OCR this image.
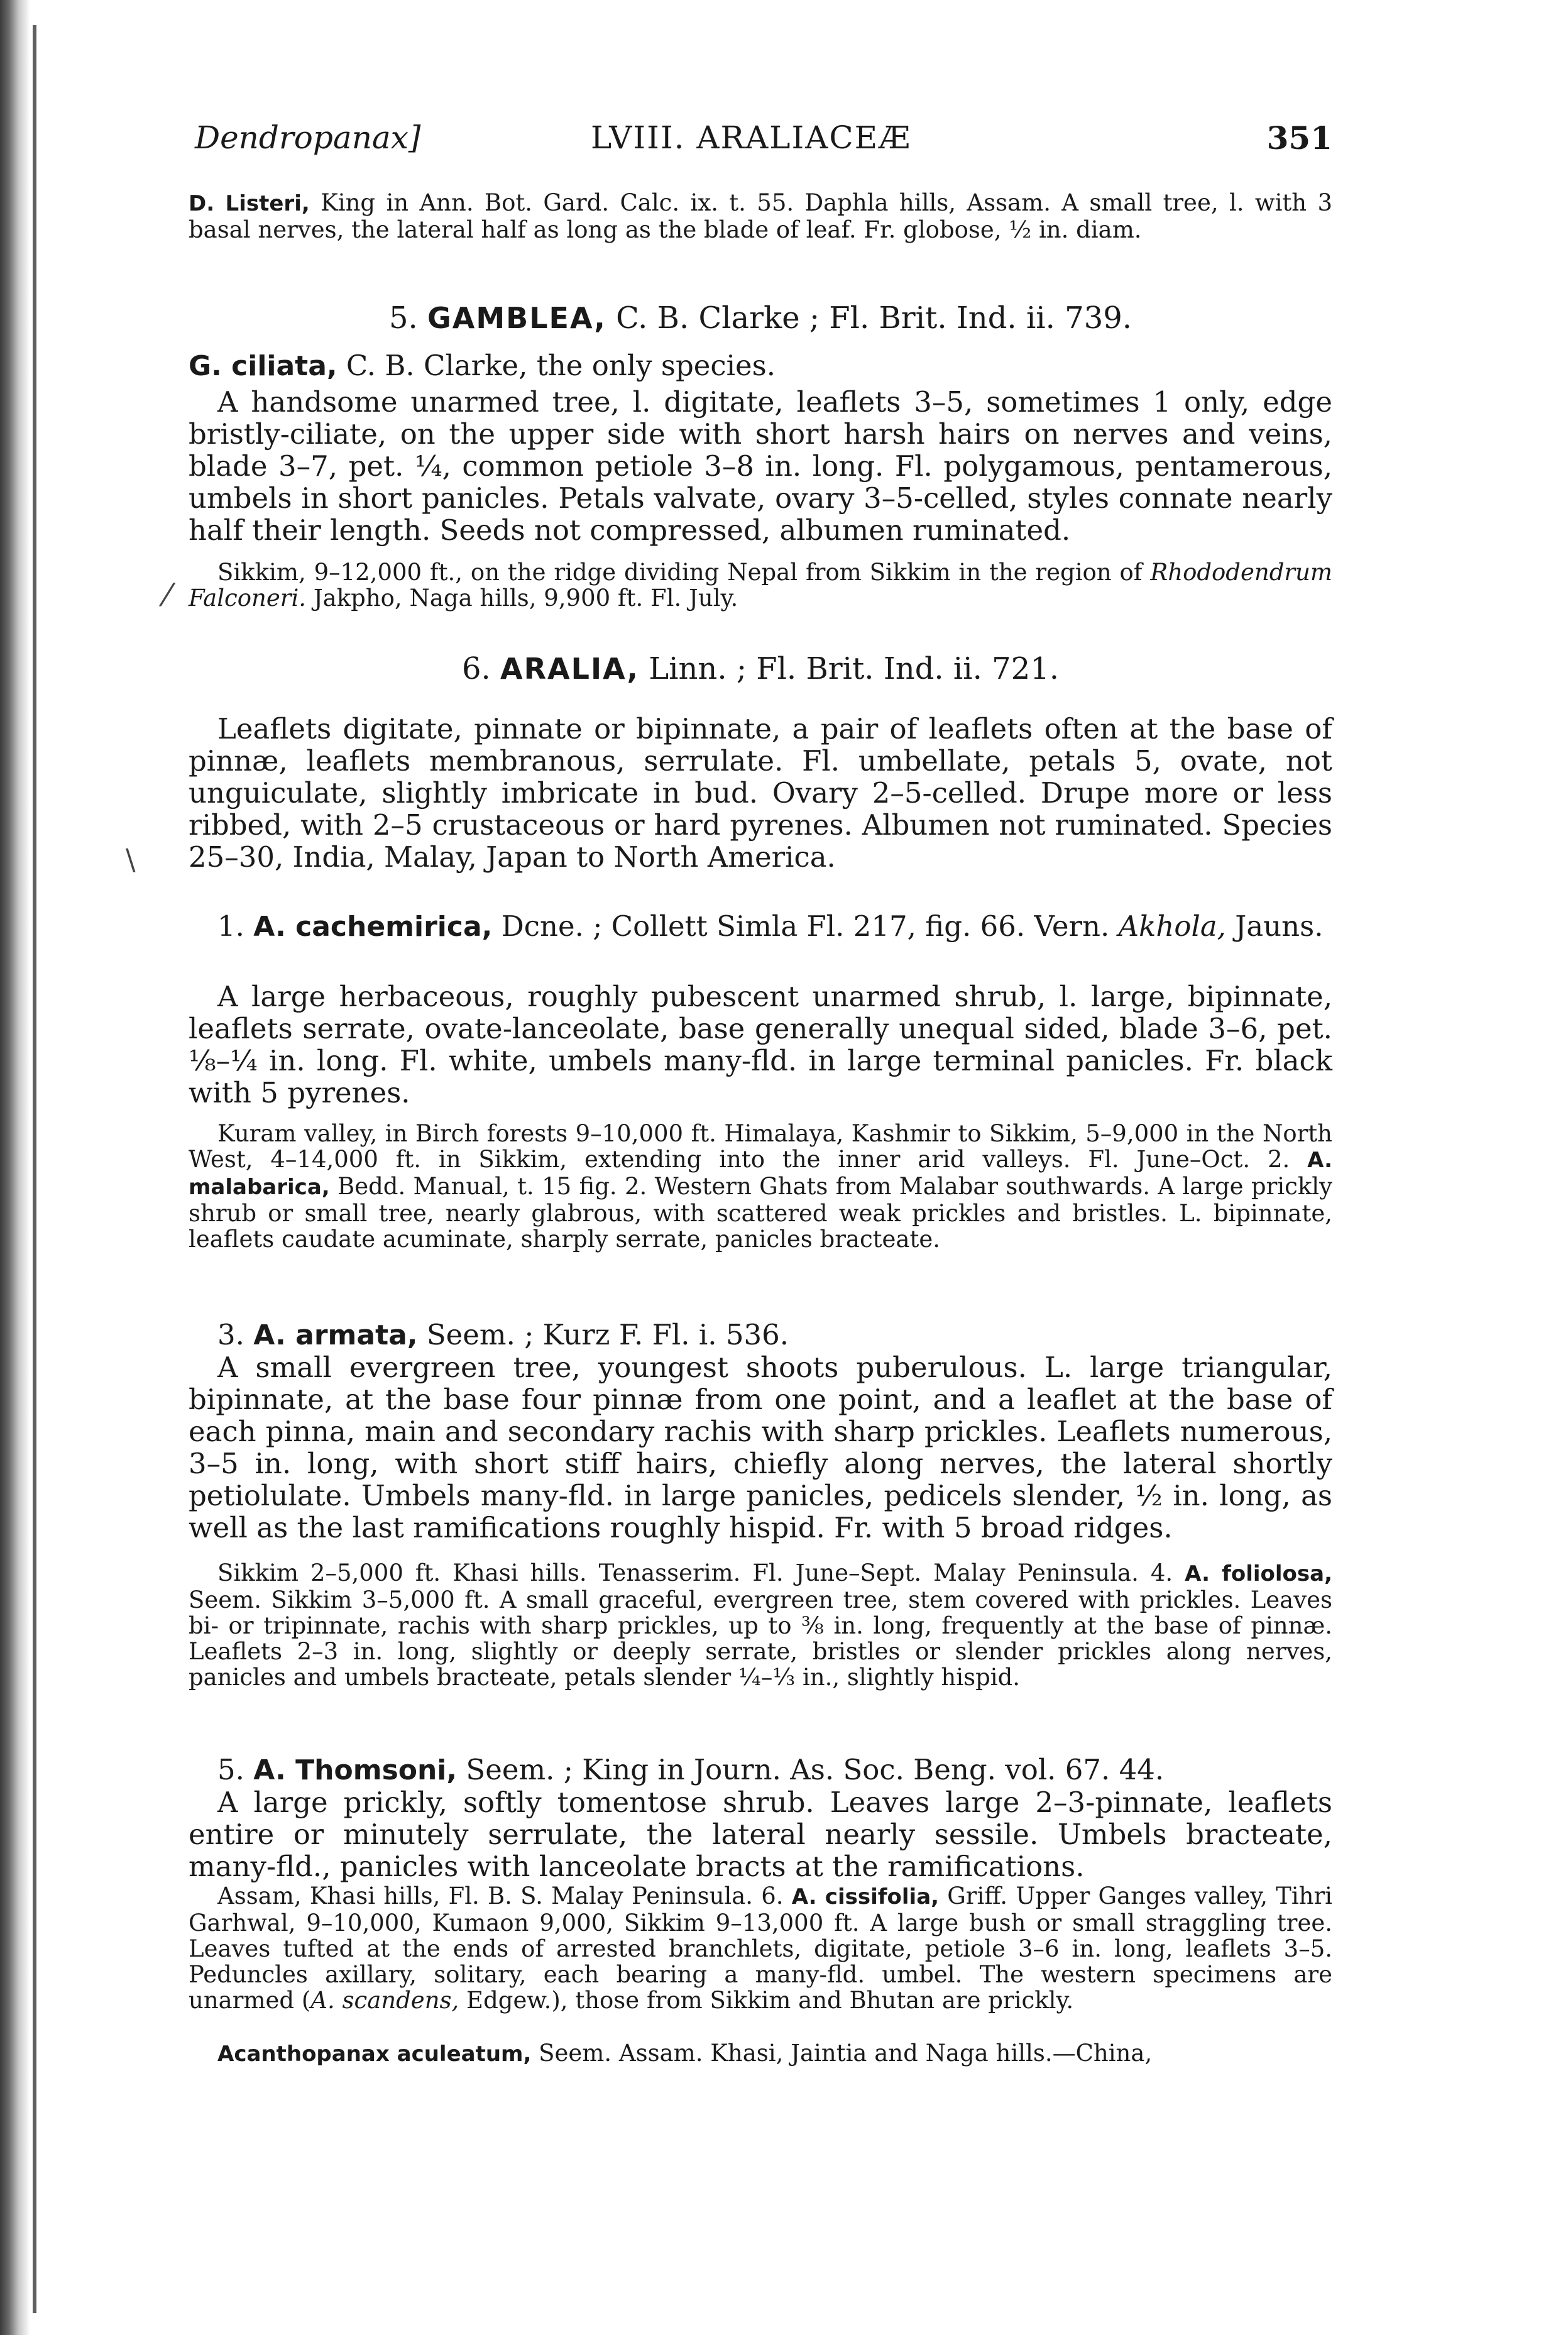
Dendropanax]	LVIII. ARALIACEÆ	351
D. Listeri, King in Ann. Bot. Gard. Calc. ix. t. 55. Daphla hills, Assam. A small tree, l. with 3 basal nerves, the lateral half as long as the blade of leaf. Fr. globose, ½ in. diam.
5. GAMBLEA, C. B. Clarke ; Fl. Brit. Ind. ii. 739.
G. ciliata, C. B. Clarke, the only species.
A handsome unarmed tree, l. digitate, leaflets 3–5, sometimes 1 only, edge bristly-ciliate, on the upper side with short harsh hairs on nerves and veins, blade 3–7, pet. ¼, common petiole 3–8 in. long. Fl. polygamous, pentamerous, umbels in short panicles. Petals valvate, ovary 3–5-celled, styles connate nearly half their length. Seeds not compressed, albumen ruminated.
Sikkim, 9–12,000 ft., on the ridge dividing Nepal from Sikkim in the region of Rhododendrum Falconeri. Jakpho, Naga hills, 9,900 ft. Fl. July.
⁄
6. ARALIA, Linn. ; Fl. Brit. Ind. ii. 721.
Leaflets digitate, pinnate or bipinnate, a pair of leaflets often at the base of pinnæ, leaflets membranous, serrulate. Fl. umbellate, petals 5, ovate, not unguiculate, slightly imbricate in bud. Ovary 2–5-celled. Drupe more or less ribbed, with 2–5 crustaceous or hard pyrenes. Albumen not ruminated. Species 25–30, India, Malay, Japan to North America.
\
1. A. cachemirica, Dcne. ; Collett Simla Fl. 217, fig. 66. Vern. Akhola, Jauns.
A large herbaceous, roughly pubescent unarmed shrub, l. large, bipinnate, leaflets serrate, ovate-lanceolate, base generally unequal sided, blade 3–6, pet. ⅛–¼ in. long. Fl. white, umbels many-fld. in large terminal panicles. Fr. black with 5 pyrenes.
Kuram valley, in Birch forests 9–10,000 ft. Himalaya, Kashmir to Sikkim, 5–9,000 in the North West, 4–14,000 ft. in Sikkim, extending into the inner arid valleys. Fl. June–Oct. 2. A. malabarica, Bedd. Manual, t. 15 fig. 2. Western Ghats from Malabar southwards. A large prickly shrub or small tree, nearly glabrous, with scattered weak prickles and bristles. L. bipinnate, leaflets caudate acuminate, sharply serrate, panicles bracteate.
3. A. armata, Seem. ; Kurz F. Fl. i. 536.
A small evergreen tree, youngest shoots puberulous. L. large triangular, bipinnate, at the base four pinnæ from one point, and a leaflet at the base of each pinna, main and secondary rachis with sharp prickles. Leaflets numerous, 3–5 in. long, with short stiff hairs, chiefly along nerves, the lateral shortly petiolulate. Umbels many-fld. in large panicles, pedicels slender, ½ in. long, as well as the last ramifications roughly hispid. Fr. with 5 broad ridges.
Sikkim 2–5,000 ft. Khasi hills. Tenasserim. Fl. June–Sept. Malay Peninsula. 4. A. foliolosa, Seem. Sikkim 3–5,000 ft. A small graceful, evergreen tree, stem covered with prickles. Leaves bi- or tripinnate, rachis with sharp prickles, up to ⅜ in. long, frequently at the base of pinnæ. Leaflets 2–3 in. long, slightly or deeply serrate, bristles or slender prickles along nerves, panicles and umbels bracteate, petals slender ¼–⅓ in., slightly hispid.
5. A. Thomsoni, Seem. ; King in Journ. As. Soc. Beng. vol. 67. 44.
A large prickly, softly tomentose shrub. Leaves large 2–3-pinnate, leaflets entire or minutely serrulate, the lateral nearly sessile. Umbels bracteate, many-fld., panicles with lanceolate bracts at the ramifications.
Assam, Khasi hills, Fl. B. S. Malay Peninsula. 6. A. cissifolia, Griff. Upper Ganges valley, Tihri Garhwal, 9–10,000, Kumaon 9,000, Sikkim 9–13,000 ft. A large bush or small straggling tree. Leaves tufted at the ends of arrested branchlets, digitate, petiole 3–6 in. long, leaflets 3–5. Peduncles axillary, solitary, each bearing a many-fld. umbel. The western specimens are unarmed (A. scandens, Edgew.), those from Sikkim and Bhutan are prickly.
Acanthopanax aculeatum, Seem. Assam. Khasi, Jaintia and Naga hills.—China,
